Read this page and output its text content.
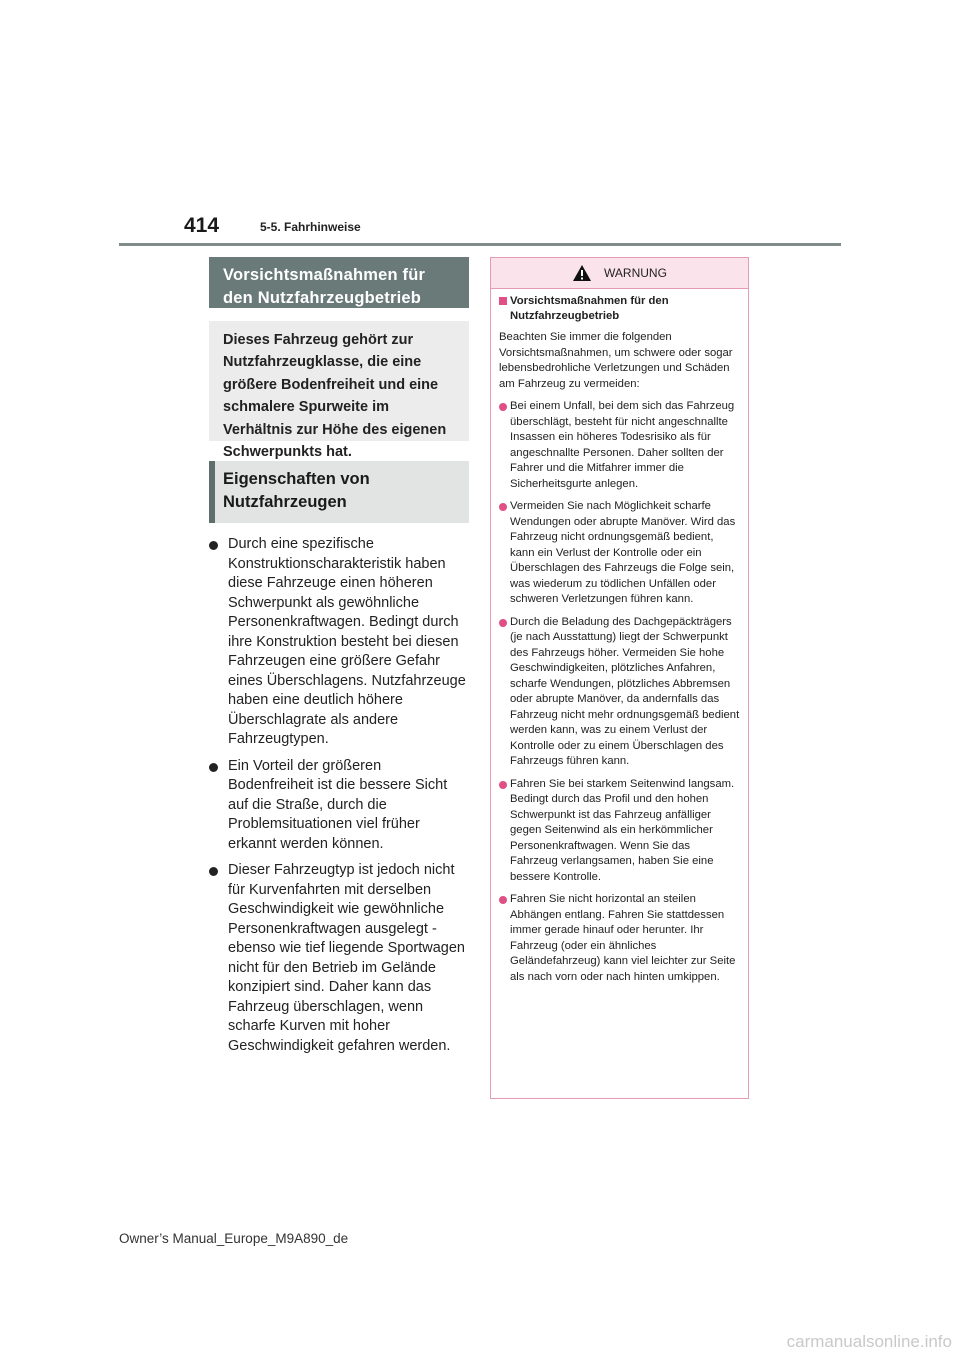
414	5-5. Fahrhinweise
Vorsichtsmaßnahmen für den Nutzfahrzeugbetrieb
Dieses Fahrzeug gehört zur Nutzfahrzeugklasse, die eine größere Bodenfreiheit und eine schmalere Spurweite im Verhältnis zur Höhe des eigenen Schwerpunkts hat.
Eigenschaften von Nutzfahrzeugen
Durch eine spezifische Konstruktionscharakteristik haben diese Fahrzeuge einen höheren Schwerpunkt als gewöhnliche Personenkraftwagen. Bedingt durch ihre Konstruktion besteht bei diesen Fahrzeugen eine größere Gefahr eines Überschlagens. Nutzfahrzeuge haben eine deutlich höhere Überschlagrate als andere Fahrzeugtypen.
Ein Vorteil der größeren Bodenfreiheit ist die bessere Sicht auf die Straße, durch die Problemsituationen viel früher erkannt werden können.
Dieser Fahrzeugtyp ist jedoch nicht für Kurvenfahrten mit derselben Geschwindigkeit wie gewöhnliche Personenkraftwagen ausgelegt - ebenso wie tief liegende Sportwagen nicht für den Betrieb im Gelände konzipiert sind. Daher kann das Fahrzeug überschlagen, wenn scharfe Kurven mit hoher Geschwindigkeit gefahren werden.
WARNUNG
Vorsichtsmaßnahmen für den Nutzfahrzeugbetrieb
Beachten Sie immer die folgenden Vorsichtsmaßnahmen, um schwere oder sogar lebensbedrohliche Verletzungen und Schäden am Fahrzeug zu vermeiden:
Bei einem Unfall, bei dem sich das Fahrzeug überschlägt, besteht für nicht angeschnallte Insassen ein höheres Todesrisiko als für angeschnallte Personen. Daher sollten der Fahrer und die Mitfahrer immer die Sicherheitsgurte anlegen.
Vermeiden Sie nach Möglichkeit scharfe Wendungen oder abrupte Manöver. Wird das Fahrzeug nicht ordnungsgemäß bedient, kann ein Verlust der Kontrolle oder ein Überschlagen des Fahrzeugs die Folge sein, was wiederum zu tödlichen Unfällen oder schweren Verletzungen führen kann.
Durch die Beladung des Dachgepäckträgers (je nach Ausstattung) liegt der Schwerpunkt des Fahrzeugs höher. Vermeiden Sie hohe Geschwindigkeiten, plötzliches Anfahren, scharfe Wendungen, plötzliches Abbremsen oder abrupte Manöver, da andernfalls das Fahrzeug nicht mehr ordnungsgemäß bedient werden kann, was zu einem Verlust der Kontrolle oder zu einem Überschlagen des Fahrzeugs führen kann.
Fahren Sie bei starkem Seitenwind langsam. Bedingt durch das Profil und den hohen Schwerpunkt ist das Fahrzeug anfälliger gegen Seitenwind als ein herkömmlicher Personenkraftwagen. Wenn Sie das Fahrzeug verlangsamen, haben Sie eine bessere Kontrolle.
Fahren Sie nicht horizontal an steilen Abhängen entlang. Fahren Sie stattdessen immer gerade hinauf oder herunter. Ihr Fahrzeug (oder ein ähnliches Geländefahrzeug) kann viel leichter zur Seite als nach vorn oder nach hinten umkippen.
Owner’s Manual_Europe_M9A890_de
carmanualsonline.info
